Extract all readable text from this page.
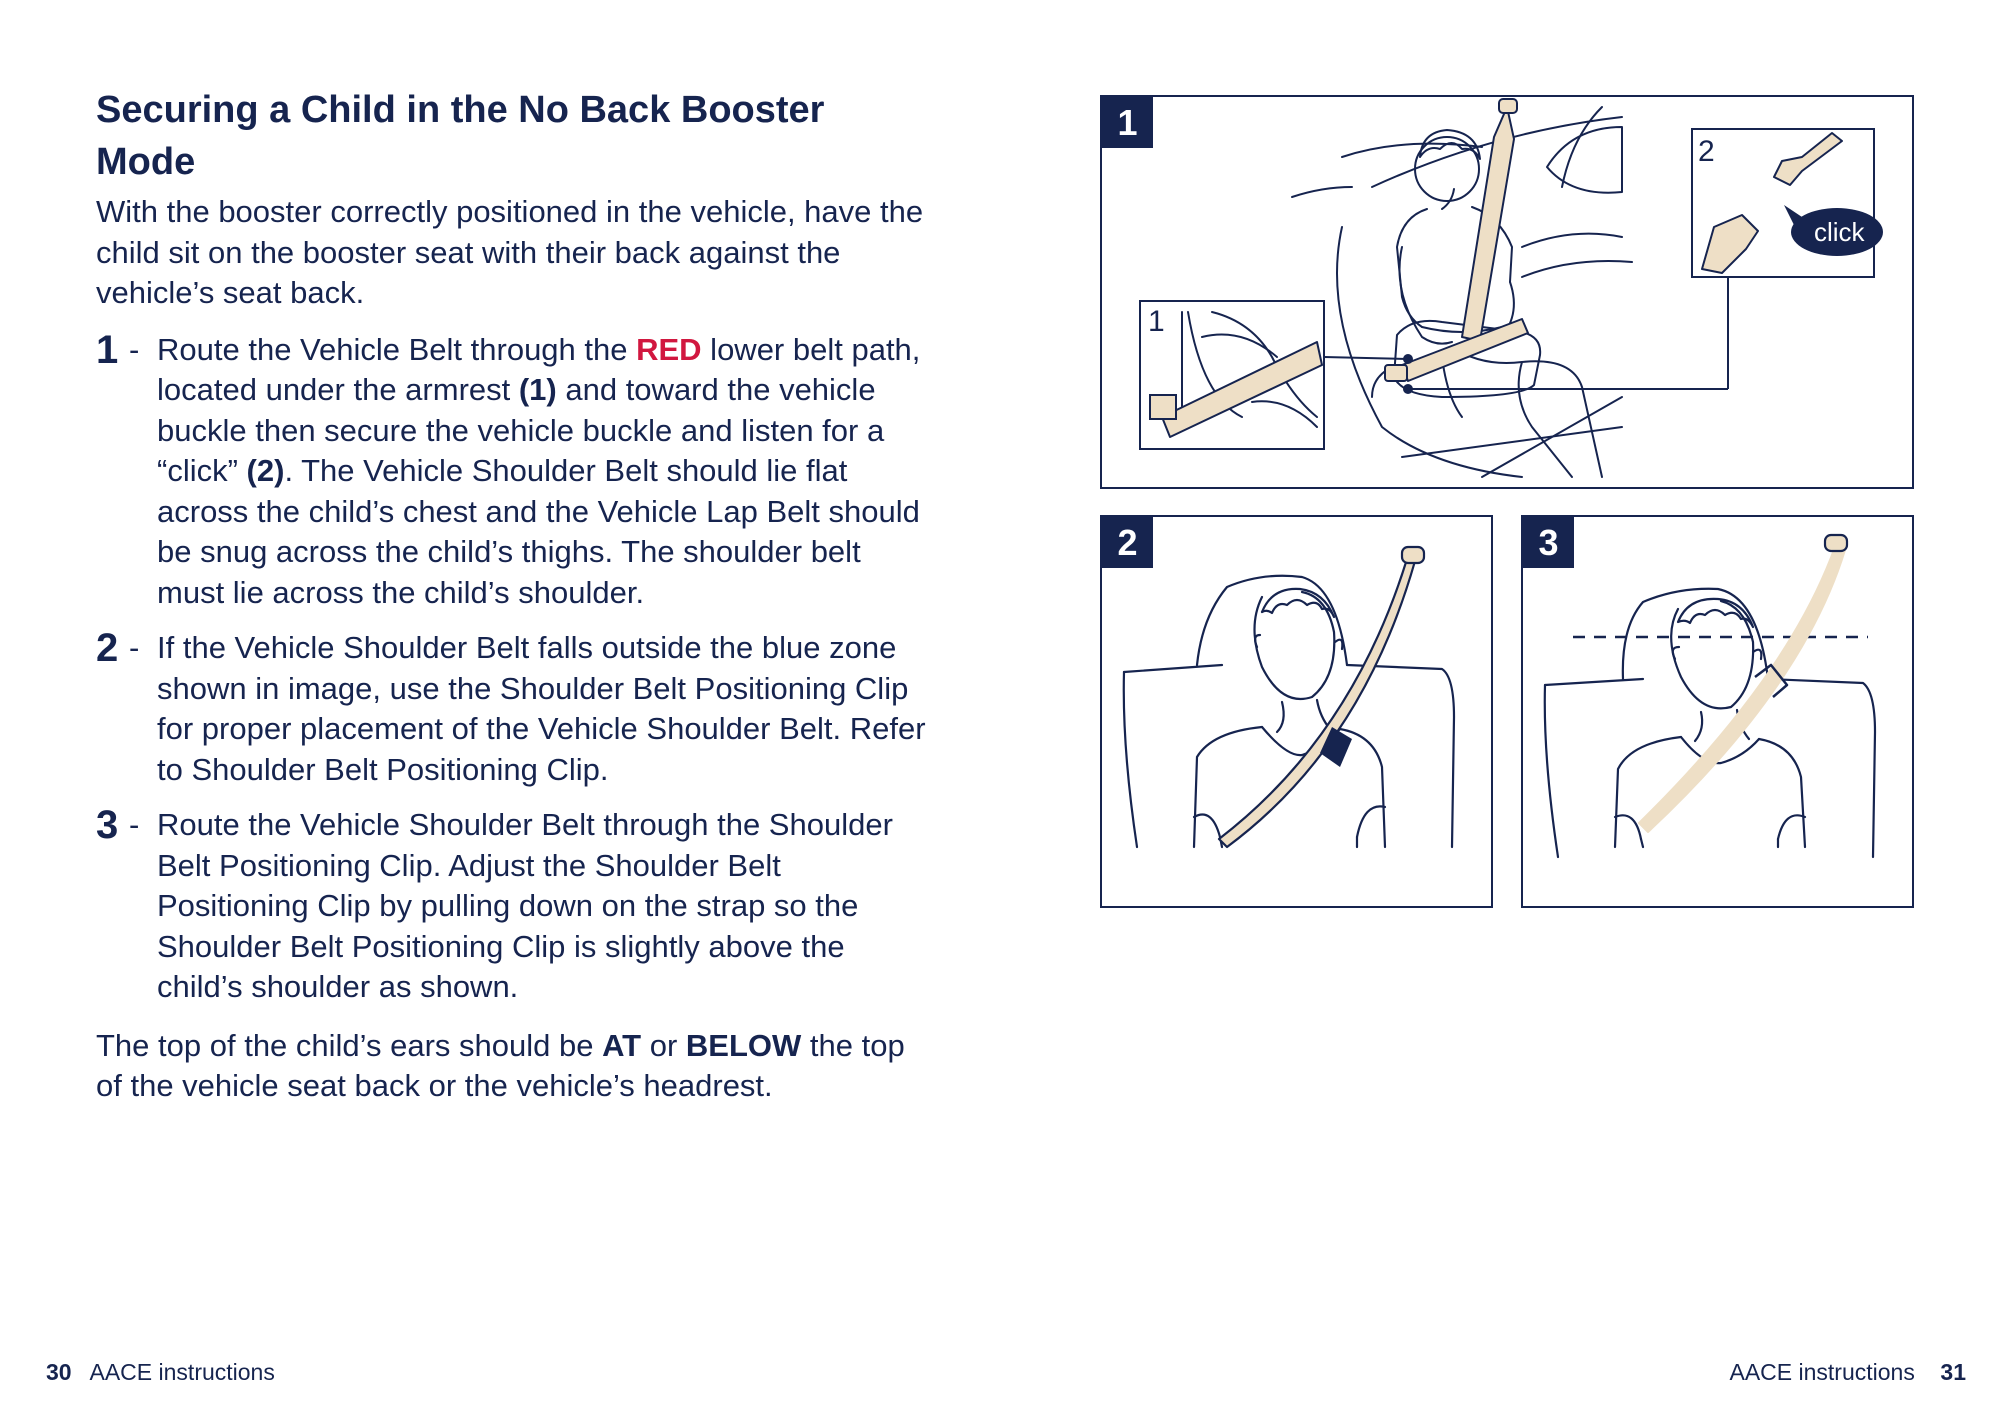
Securing a Child in the No Back Booster Mode

With the booster correctly positioned in the vehicle, have the child sit on the booster seat with their back against the vehicle’s seat back.

1 - Route the Vehicle Belt through the RED lower belt path, located under the armrest (1) and toward the vehicle buckle then secure the vehicle buckle and listen for a “click” (2). The Vehicle Shoulder Belt should lie flat across the child’s chest and the Vehicle Lap Belt should be snug across the child’s thighs. The shoulder belt must lie across the child’s shoulder.

2 - If the Vehicle Shoulder Belt falls outside the blue zone shown in image, use the Shoulder Belt Positioning Clip for proper placement of the Vehicle Shoulder Belt. Refer to Shoulder Belt Positioning Clip.

3 - Route the Vehicle Shoulder Belt through the Shoulder Belt Positioning Clip. Adjust the Shoulder Belt Positioning Clip by pulling down on the strap so the Shoulder Belt Positioning Clip is slightly above the child’s shoulder as shown.

The top of the child’s ears should be AT or BELOW the top of the vehicle seat back or the vehicle’s headrest.

1
1
click
2
2	3
30 AACE instructions	AACE instructions 31
